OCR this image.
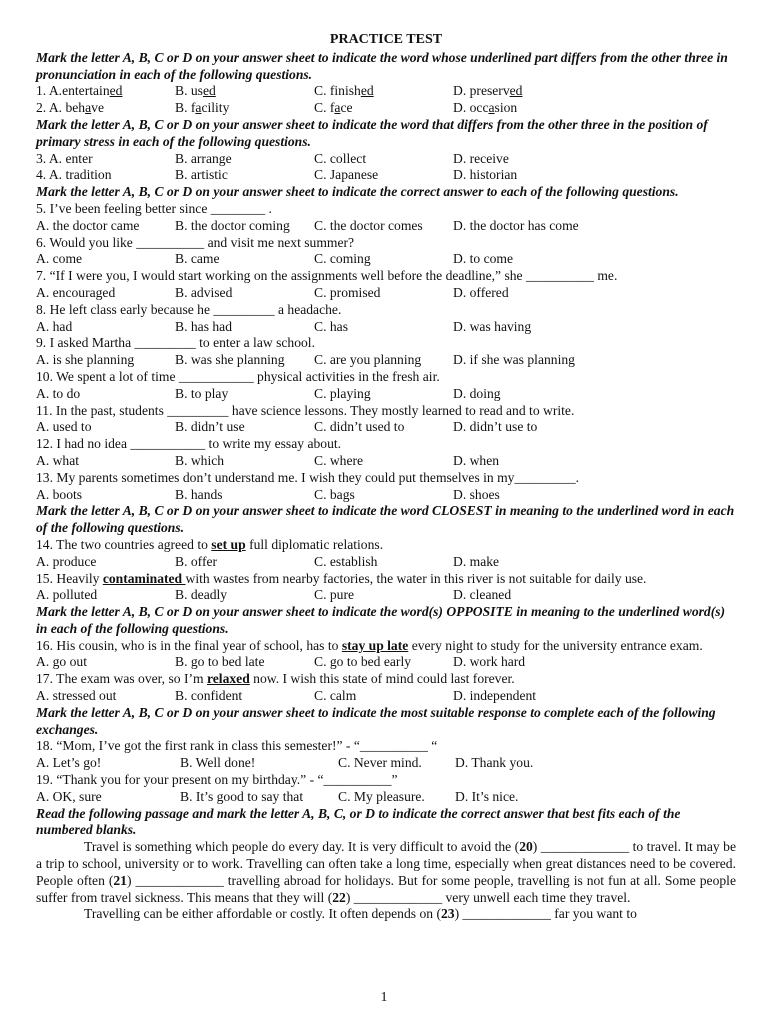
PRACTICE TEST
Mark the letter A, B, C or D on your answer sheet to indicate the word whose underlined part differs from the other three in pronunciation in each of the following questions.
1. A.entertained	B. used	C. finished	D. preserved
2. A. behave	B. facility	C. face	D. occasion
Mark the letter A, B, C or D on your answer sheet to indicate the word that differs from the other three in the position of primary stress in each of the following questions.
3. A. enter	B. arrange	C. collect	D. receive
4. A. tradition	B. artistic	C. Japanese	D. historian
Mark the letter A, B, C or D on your answer sheet to indicate the correct answer to each of the following questions.
5. I’ve been feeling better since ________ .
A. the doctor came	B. the doctor coming	C. the doctor comes	D. the doctor has come
6. Would you like __________ and visit me next summer?
A. come	B. came	C. coming	D. to come
7. “If I were you, I would start working on the assignments well before the deadline,” she __________ me.
A. encouraged	B. advised	C. promised	D. offered
8. He left class early because he _________ a headache.
A. had	B. has had	C. has	D. was having
9. I asked Martha _________ to enter a law school.
A. is she planning	B. was she planning	C. are you planning	D. if she was planning
10. We spent a lot of time ___________ physical activities in the fresh air.
A. to do	B. to play	C. playing	D. doing
11. In the past, students _________ have science lessons. They mostly learned to read and to write.
A. used to	B. didn’t use	C. didn’t used to	D. didn’t use to
12. I had no idea ___________ to write my essay about.
A. what	B. which	C. where	D. when
13. My parents sometimes don’t understand me. I wish they could put themselves in my_________.
A. boots	B. hands	C. bags	D. shoes
Mark the letter A, B, C or D on your answer sheet to indicate the word CLOSEST in meaning to the underlined word in each of the following questions.
14. The two countries agreed to set up full diplomatic relations.
A. produce	B. offer	C. establish	D. make
15. Heavily contaminated with wastes from nearby factories, the water in this river is not suitable for daily use.
A. polluted	B. deadly	C. pure	D. cleaned
Mark the letter A, B, C or D on your answer sheet to indicate the word(s) OPPOSITE in meaning to the underlined word(s) in each of the following questions.
16. His cousin, who is in the final year of school, has to stay up late every night to study for the university entrance exam.
A. go out	B. go to bed late	C. go to bed early	D. work hard
17. The exam was over, so I’m relaxed now. I wish this state of mind could last forever.
A. stressed out	B. confident	C. calm	D. independent
Mark the letter A, B, C or D on your answer sheet to indicate the most suitable response to complete each of the following exchanges.
18. “Mom, I’ve got the first rank in class this semester!” - “__________ “
A. Let’s go!	B. Well done!	C. Never mind.	D. Thank you.
19. “Thank you for your present on my birthday.” - “__________”
A. OK, sure	B. It’s good to say that	C. My pleasure.	D. It’s nice.
Read the following passage and mark the letter A, B, C, or D to indicate the correct answer that best fits each of the numbered blanks.
Travel is something which people do every day. It is very difficult to avoid the (20) _____________ to travel. It may be a trip to school, university or to work. Travelling can often take a long time, especially when great distances need to be covered. People often (21) _____________ travelling abroad for holidays. But for some people, travelling is not fun at all. Some people suffer from travel sickness. This means that they will (22) _____________ very unwell each time they travel.
Travelling can be either affordable or costly. It often depends on (23) _____________ far you want to
1
